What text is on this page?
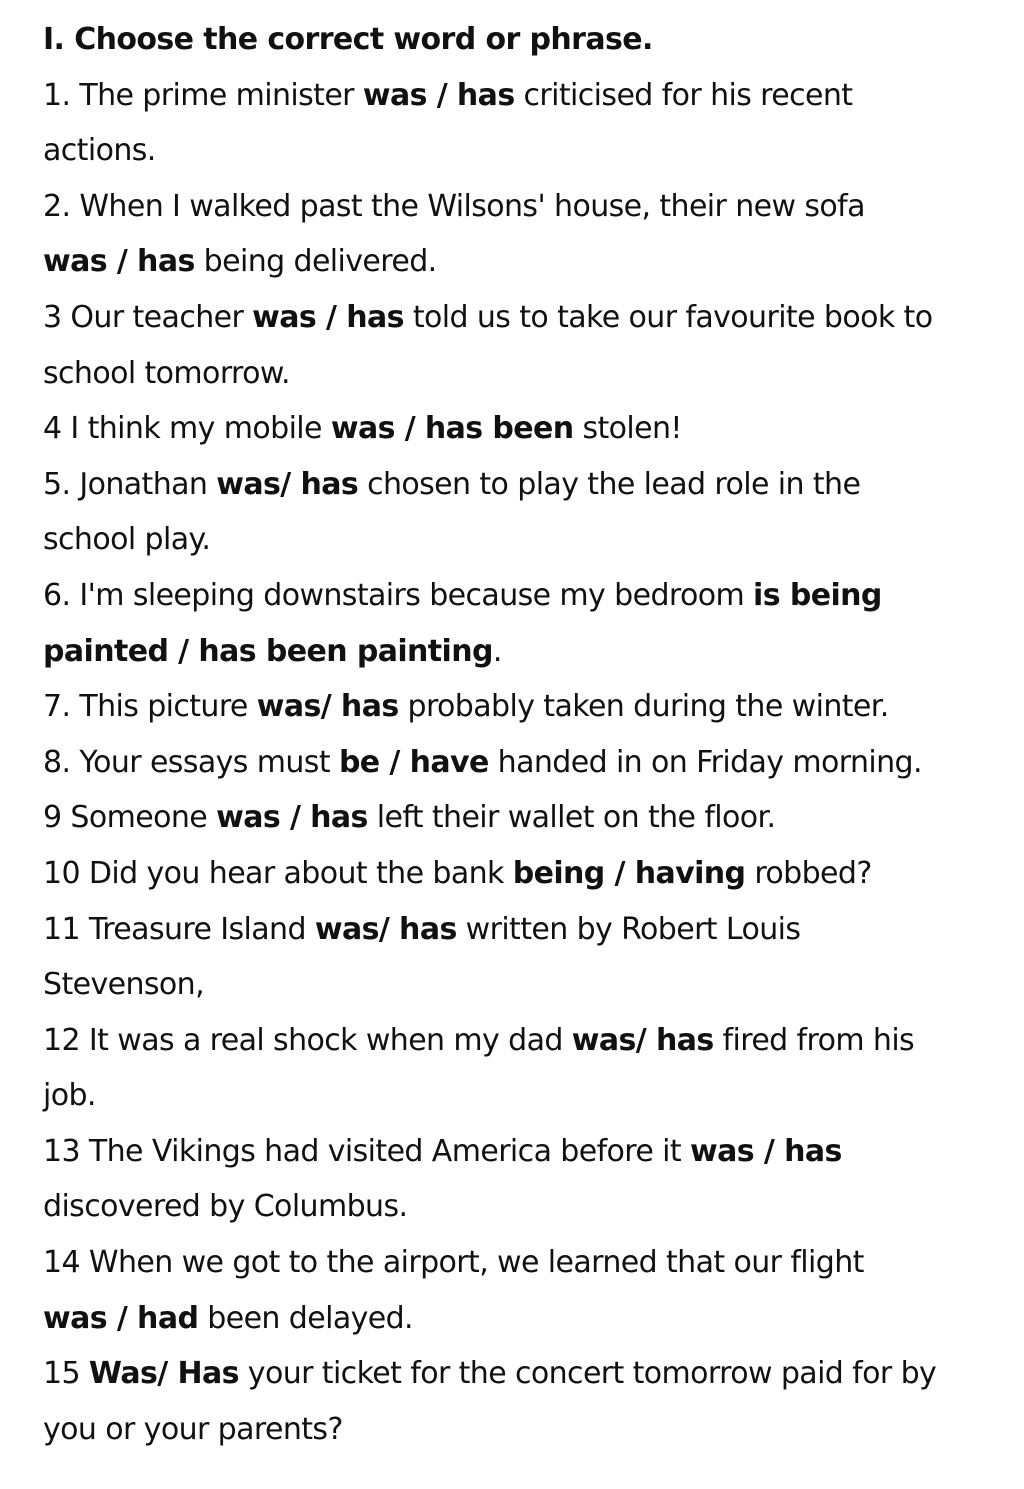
I. Choose the correct word or phrase.
1. The prime minister was / has criticised for his recent
actions.
2. When I walked past the Wilsons' house, their new sofa
was / has being delivered.
3 Our teacher was / has told us to take our favourite book to
school tomorrow.
4 I think my mobile was / has been stolen!
5. Jonathan was/ has chosen to play the lead role in the
school play.
6. I'm sleeping downstairs because my bedroom is being
painted / has been painting.
7. This picture was/ has probably taken during the winter.
8. Your essays must be / have handed in on Friday morning.
9 Someone was / has left their wallet on the floor.
10 Did you hear about the bank being / having robbed?
11 Treasure Island was/ has written by Robert Louis
Stevenson,
12 It was a real shock when my dad was/ has fired from his
job.
13 The Vikings had visited America before it was / has
discovered by Columbus.
14 When we got to the airport, we learned that our flight
was / had been delayed.
15 Was/ Has your ticket for the concert tomorrow paid for by
you or your parents?
